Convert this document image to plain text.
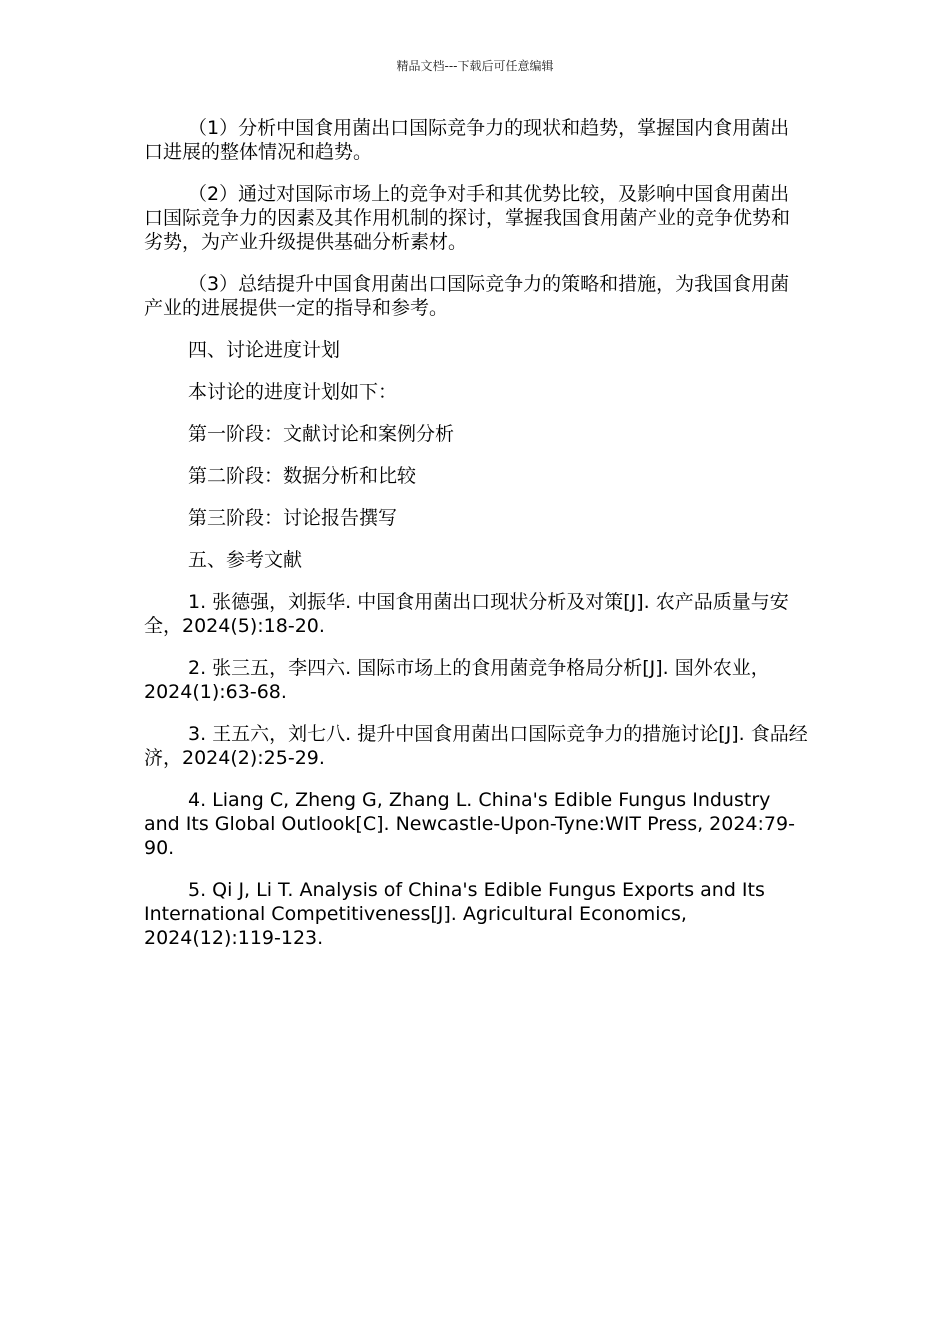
精品文档---下载后可任意编辑

（1）分析中国食用菌出口国际竞争力的现状和趋势，掌握国内食用菌出口进展的整体情况和趋势。

（2）通过对国际市场上的竞争对手和其优势比较，及影响中国食用菌出口国际竞争力的因素及其作用机制的探讨，掌握我国食用菌产业的竞争优势和劣势，为产业升级提供基础分析素材。

（3）总结提升中国食用菌出口国际竞争力的策略和措施，为我国食用菌产业的进展提供一定的指导和参考。

四、讨论进度计划

本讨论的进度计划如下：

第一阶段：文献讨论和案例分析

第二阶段：数据分析和比较

第三阶段：讨论报告撰写

五、参考文献

1. 张德强，刘振华. 中国食用菌出口现状分析及对策[J]. 农产品质量与安全，2024(5):18-20.

2. 张三五，李四六. 国际市场上的食用菌竞争格局分析[J]. 国外农业，2024(1):63-68.

3. 王五六，刘七八. 提升中国食用菌出口国际竞争力的措施讨论[J]. 食品经济，2024(2):25-29.

4. Liang C, Zheng G, Zhang L. China's Edible Fungus Industry and Its Global Outlook[C]. Newcastle-Upon-Tyne:WIT Press, 2024:79-90.

5. Qi J, Li T. Analysis of China's Edible Fungus Exports and Its International Competitiveness[J]. Agricultural Economics, 2024(12):119-123.
